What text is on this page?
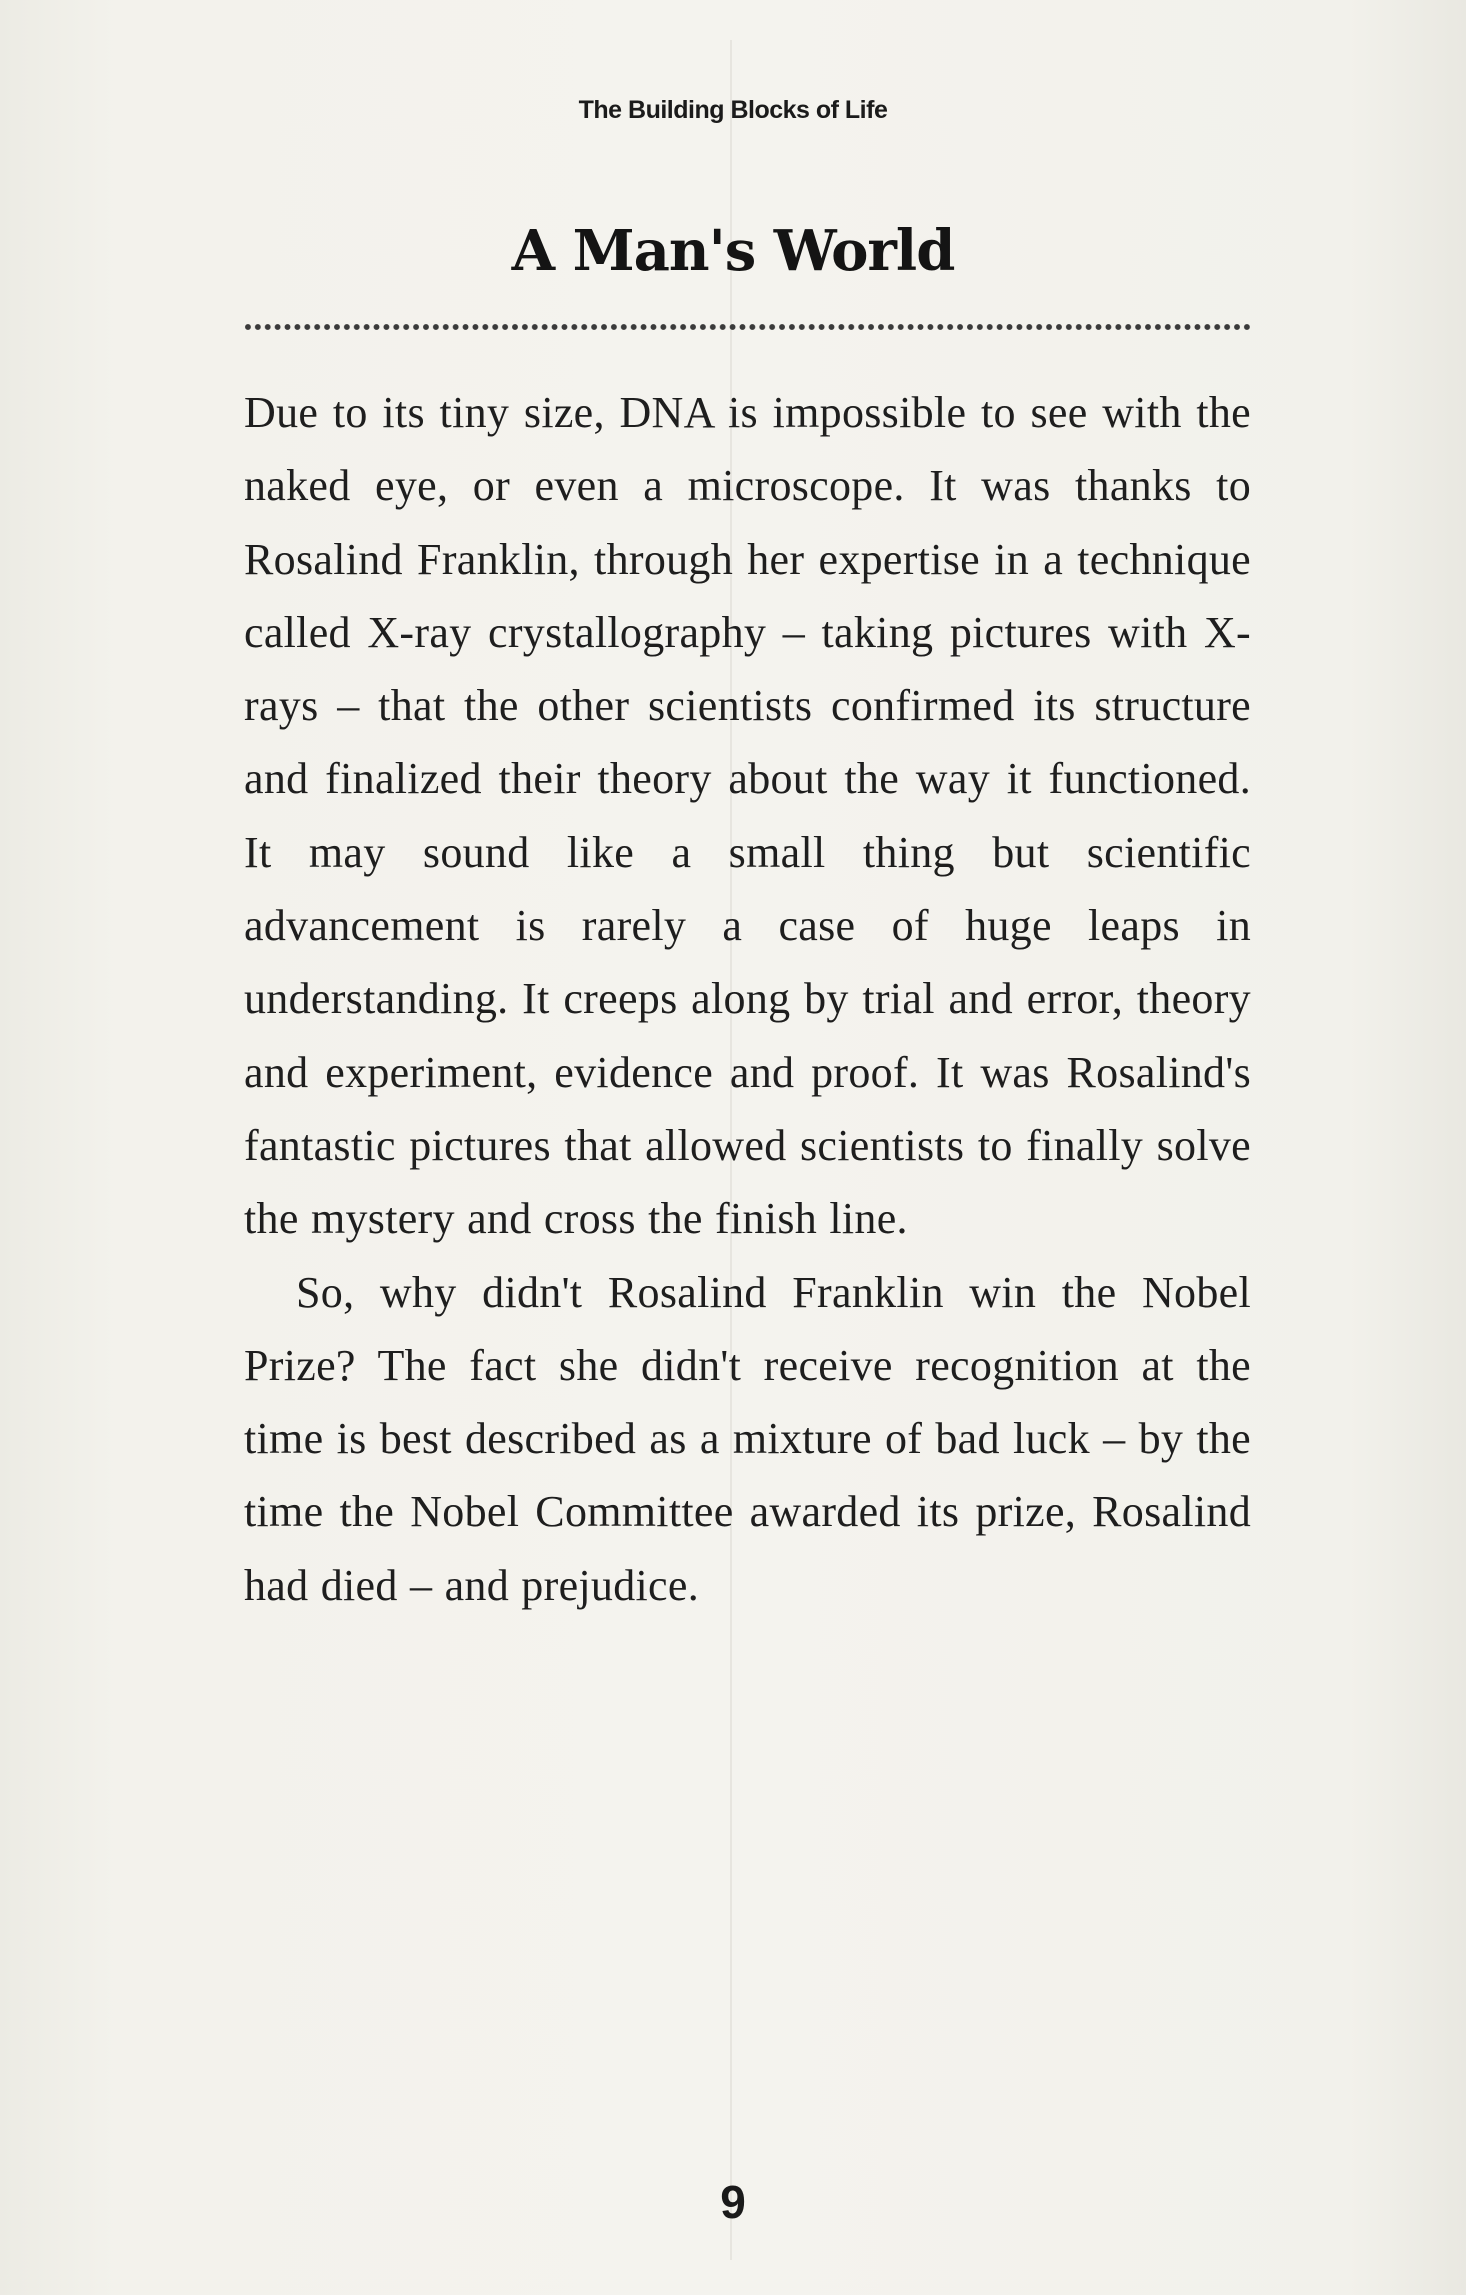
The Building Blocks of Life
A Man's World

Due to its tiny size, DNA is impossible to see with the naked eye, or even a microscope. It was thanks to Rosalind Franklin, through her expertise in a technique called X-ray crystallography – taking pictures with X-rays – that the other scientists confirmed its structure and finalized their theory about the way it functioned. It may sound like a small thing but scientific advancement is rarely a case of huge leaps in understanding. It creeps along by trial and error, theory and experiment, evidence and proof. It was Rosalind's fantastic pictures that allowed scientists to finally solve the mystery and cross the finish line.

So, why didn't Rosalind Franklin win the Nobel Prize? The fact she didn't receive recognition at the time is best described as a mixture of bad luck – by the time the Nobel Committee awarded its prize, Rosalind had died – and prejudice.

9
